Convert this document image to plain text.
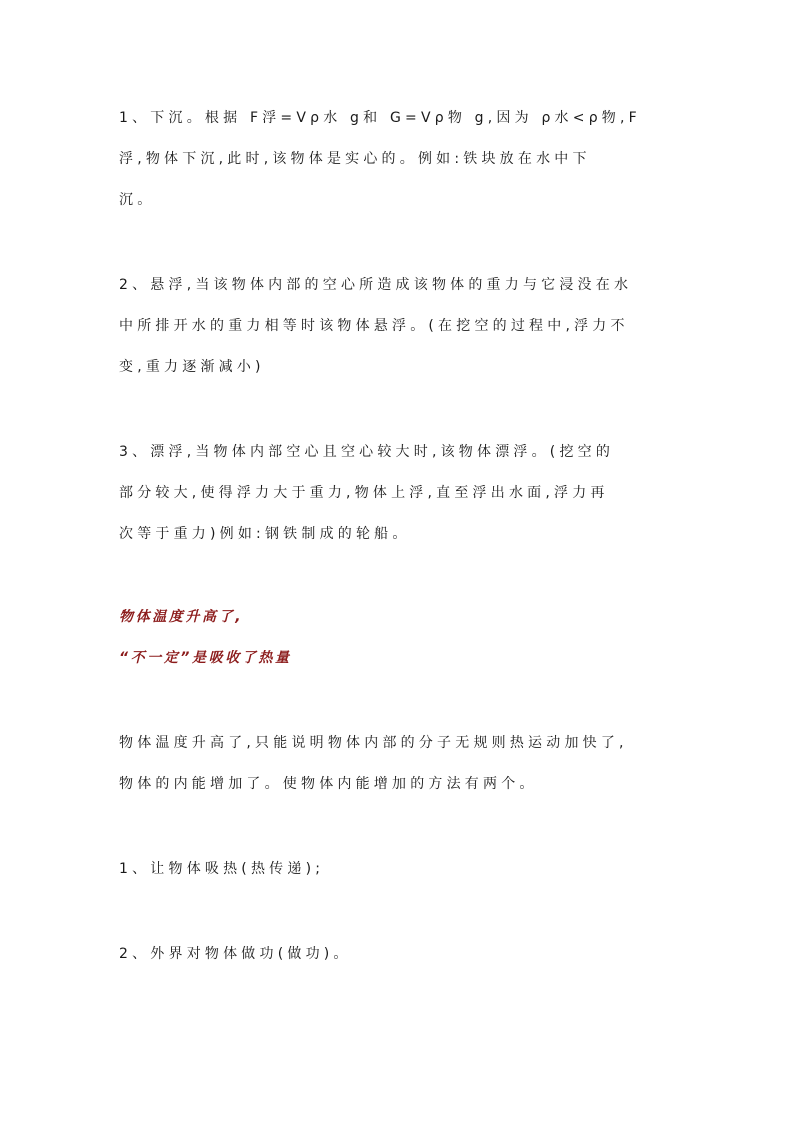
1、下沉。根据 F浮=Vρ水 g和 G=Vρ物 g,因为 ρ水<ρ物,F
浮,物体下沉,此时,该物体是实心的。例如:铁块放在水中下
沉。
2、悬浮,当该物体内部的空心所造成该物体的重力与它浸没在水
中所排开水的重力相等时该物体悬浮。(在挖空的过程中,浮力不
变,重力逐渐减小)
3、漂浮,当物体内部空心且空心较大时,该物体漂浮。(挖空的
部分较大,使得浮力大于重力,物体上浮,直至浮出水面,浮力再
次等于重力)例如:钢铁制成的轮船。
物体温度升高了,
“不一定”是吸收了热量
物体温度升高了,只能说明物体内部的分子无规则热运动加快了,
物体的内能增加了。使物体内能增加的方法有两个。
1、让物体吸热(热传递);
2、外界对物体做功(做功)。
